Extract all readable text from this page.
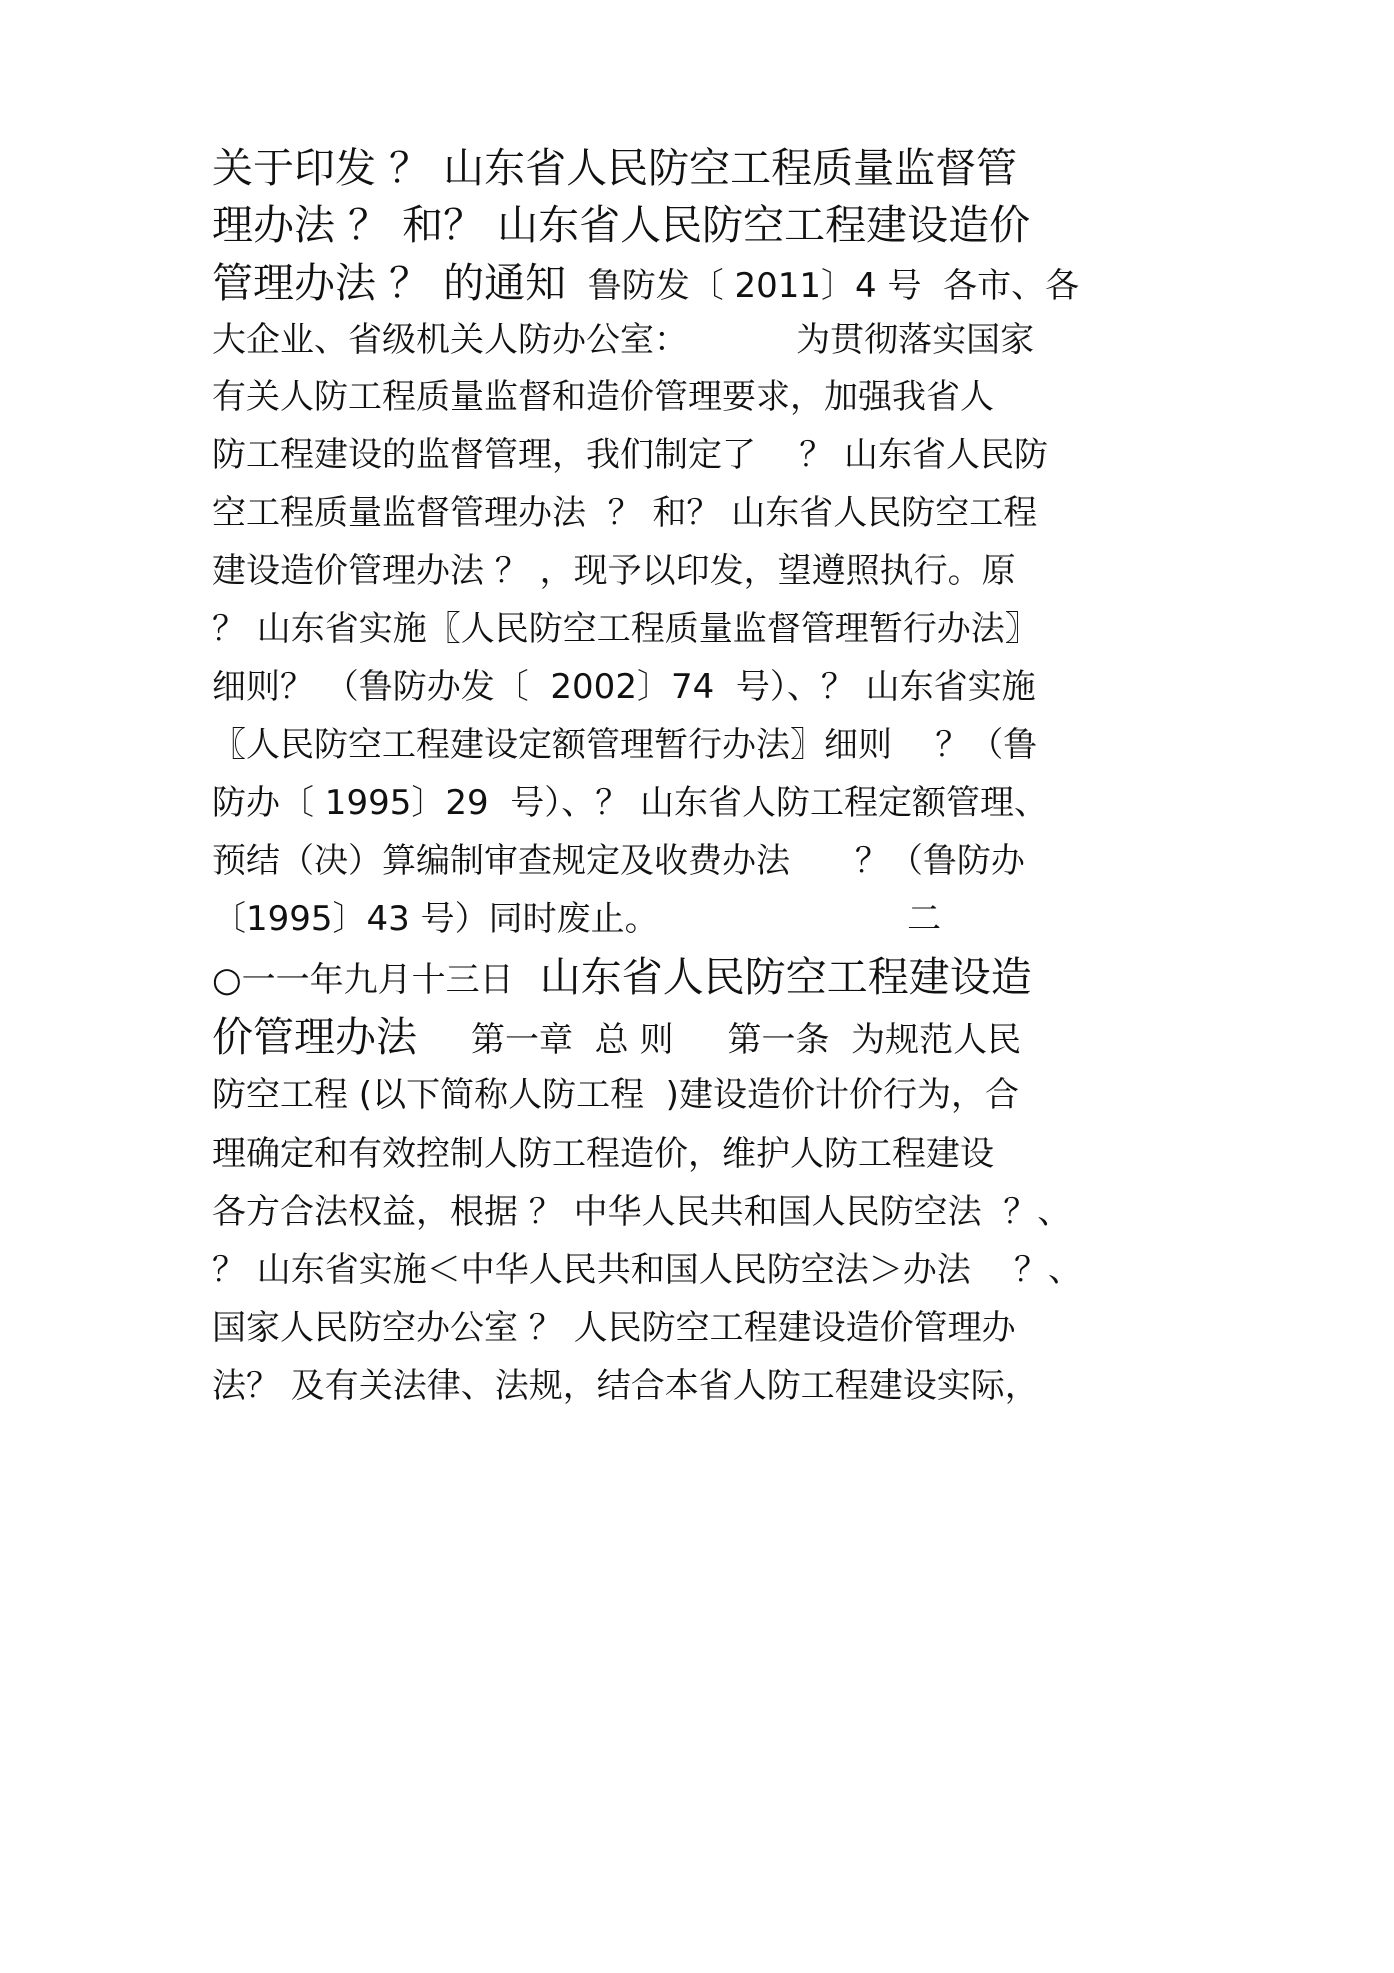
关于印发 ？ 山东省人民防空工程质量监督管
理办法 ？ 和？ 山东省人民防空工程建设造价
管理办法 ？ 的通知  鲁防发〔 2011〕4 号  各市、各
大企业、省级机关人防办公室：          为贯彻落实国家
有关人防工程质量监督和造价管理要求，加强我省人
防工程建设的监督管理，我们制定了    ？ 山东省人民防
空工程质量监督管理办法  ？ 和？ 山东省人民防空工程
建设造价管理办法 ？ ，现予以印发，望遵照执行。原
？ 山东省实施〖人民防空工程质量监督管理暂行办法〗
细则？ （鲁防办发〔  2002〕74  号）、？ 山东省实施
〖人民防空工程建设定额管理暂行办法〗细则    ？（鲁
防办〔 1995〕29  号）、？ 山东省人防工程定额管理、
预结（决）算编制审查规定及收费办法      ？（鲁防办
〔1995〕43 号）同时废止。                       二
○一一年九月十三日  山东省人民防空工程建设造
价管理办法     第一章  总 则     第一条  为规范人民
防空工程 (以下简称人防工程  )建设造价计价行为，合
理确定和有效控制人防工程造价，维护人防工程建设
各方合法权益，根据 ？ 中华人民共和国人民防空法  ？、
？ 山东省实施＜中华人民共和国人民防空法＞办法    ？、
国家人民防空办公室 ？ 人民防空工程建设造价管理办
法？ 及有关法律、法规，结合本省人防工程建设实际，
